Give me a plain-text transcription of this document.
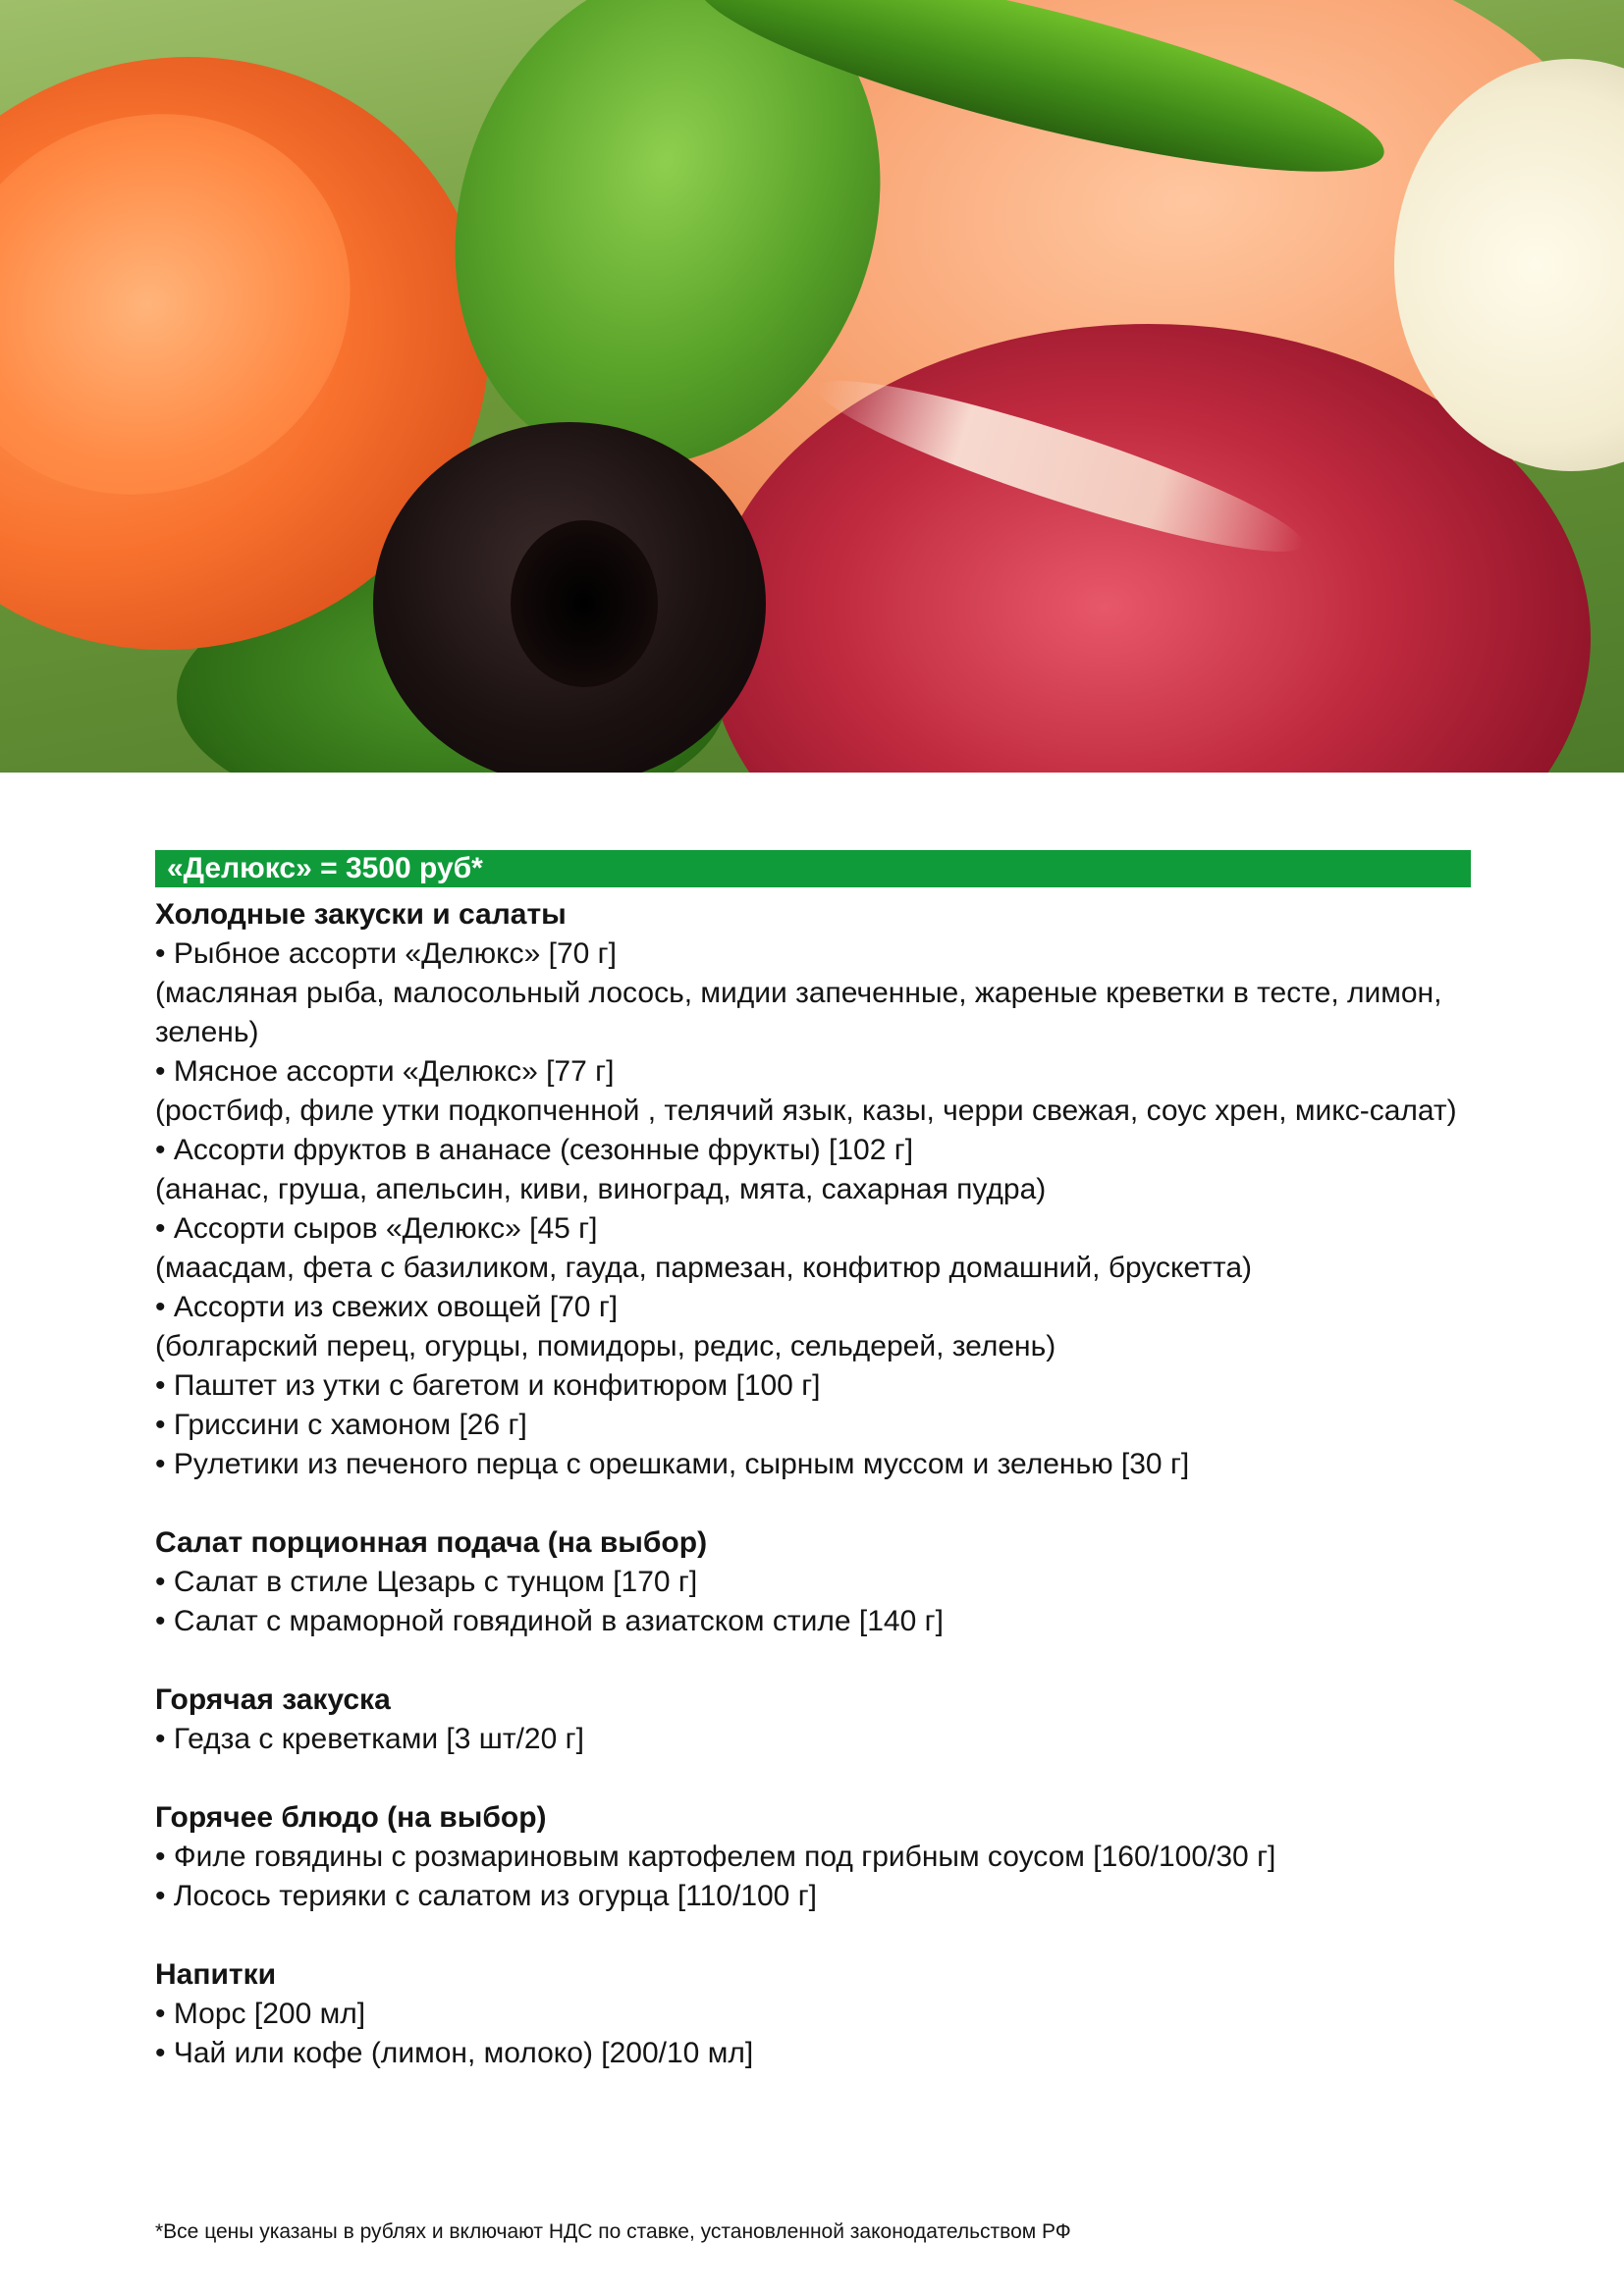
«Делюкс» = 3500 руб*
Холодные закуски и салаты
• Рыбное ассорти «Делюкс» [70 г]
(масляная рыба, малосольный лосось, мидии запеченные, жареные креветки в тесте, лимон, зелень)
• Мясное ассорти «Делюкс» [77 г]
(ростбиф, филе утки подкопченной , телячий язык, казы, черри свежая, соус хрен, микс-салат)
• Ассорти фруктов в ананасе (сезонные фрукты) [102 г]
(ананас, груша, апельсин, киви, виноград, мята, сахарная пудра)
• Ассорти сыров «Делюкс» [45 г]
(маасдам, фета с базиликом, гауда, пармезан, конфитюр домашний, брускетта)
• Ассорти из свежих овощей [70 г]
(болгарский перец, огурцы, помидоры, редис, сельдерей, зелень)
• Паштет из утки с багетом и конфитюром [100 г]
• Гриссини с хамоном [26 г]
• Рулетики из печеного перца с орешками, сырным муссом и зеленью [30 г]
Салат порционная подача (на выбор)
• Салат в стиле Цезарь с тунцом [170 г]
• Салат с мраморной говядиной в азиатском стиле [140 г]
Горячая закуска
• Гедза с креветками [3 шт/20 г]
Горячее блюдо (на выбор)
• Филе говядины с розмариновым картофелем под грибным соусом [160/100/30 г]
• Лосось терияки с салатом из огурца [110/100 г]
Напитки
• Морс [200 мл]
• Чай или кофе (лимон, молоко) [200/10 мл]
*Все цены указаны в рублях и включают НДС по ставке, установленной законодательством РФ
